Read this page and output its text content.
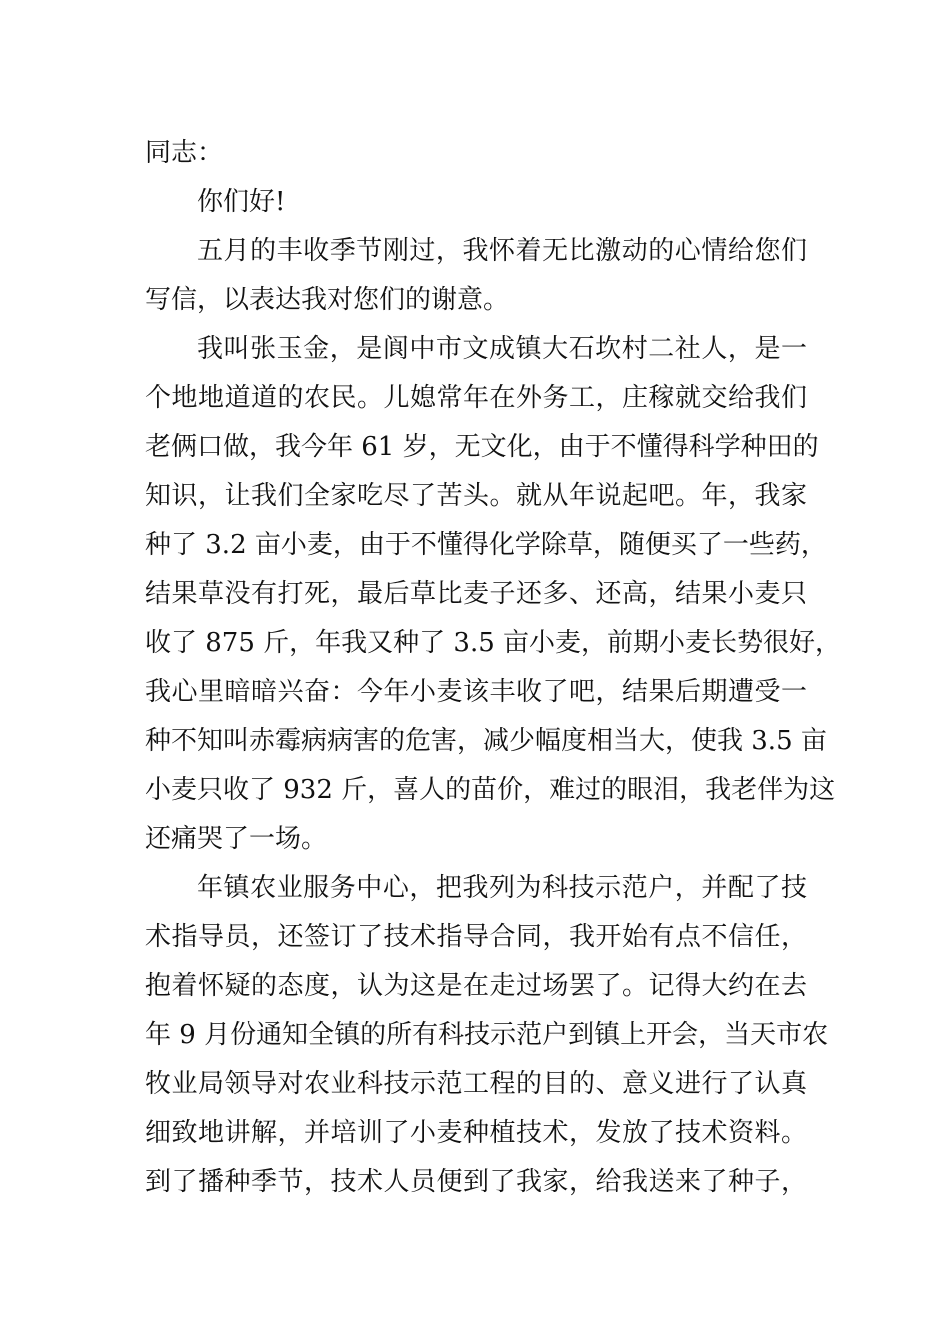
同志：
你们好!
五月的丰收季节刚过，我怀着无比激动的心情给您们
写信，以表达我对您们的谢意。
我叫张玉金，是阆中市文成镇大石坎村二社人，是一
个地地道道的农民。儿媳常年在外务工，庄稼就交给我们
老俩口做，我今年 61 岁，无文化，由于不懂得科学种田的
知识，让我们全家吃尽了苦头。就从年说起吧。年，我家
种了 3.2 亩小麦，由于不懂得化学除草，随便买了一些药，
结果草没有打死，最后草比麦子还多、还高，结果小麦只
收了 875 斤，年我又种了 3.5 亩小麦，前期小麦长势很好，
我心里暗暗兴奋：今年小麦该丰收了吧，结果后期遭受一
种不知叫赤霉病病害的危害，减少幅度相当大，使我 3.5 亩
小麦只收了 932 斤，喜人的苗价，难过的眼泪，我老伴为这
还痛哭了一场。
年镇农业服务中心，把我列为科技示范户，并配了技
术指导员，还签订了技术指导合同，我开始有点不信任，
抱着怀疑的态度，认为这是在走过场罢了。记得大约在去
年 9 月份通知全镇的所有科技示范户到镇上开会，当天市农
牧业局领导对农业科技示范工程的目的、意义进行了认真
细致地讲解，并培训了小麦种植技术，发放了技术资料。
到了播种季节，技术人员便到了我家，给我送来了种子，
